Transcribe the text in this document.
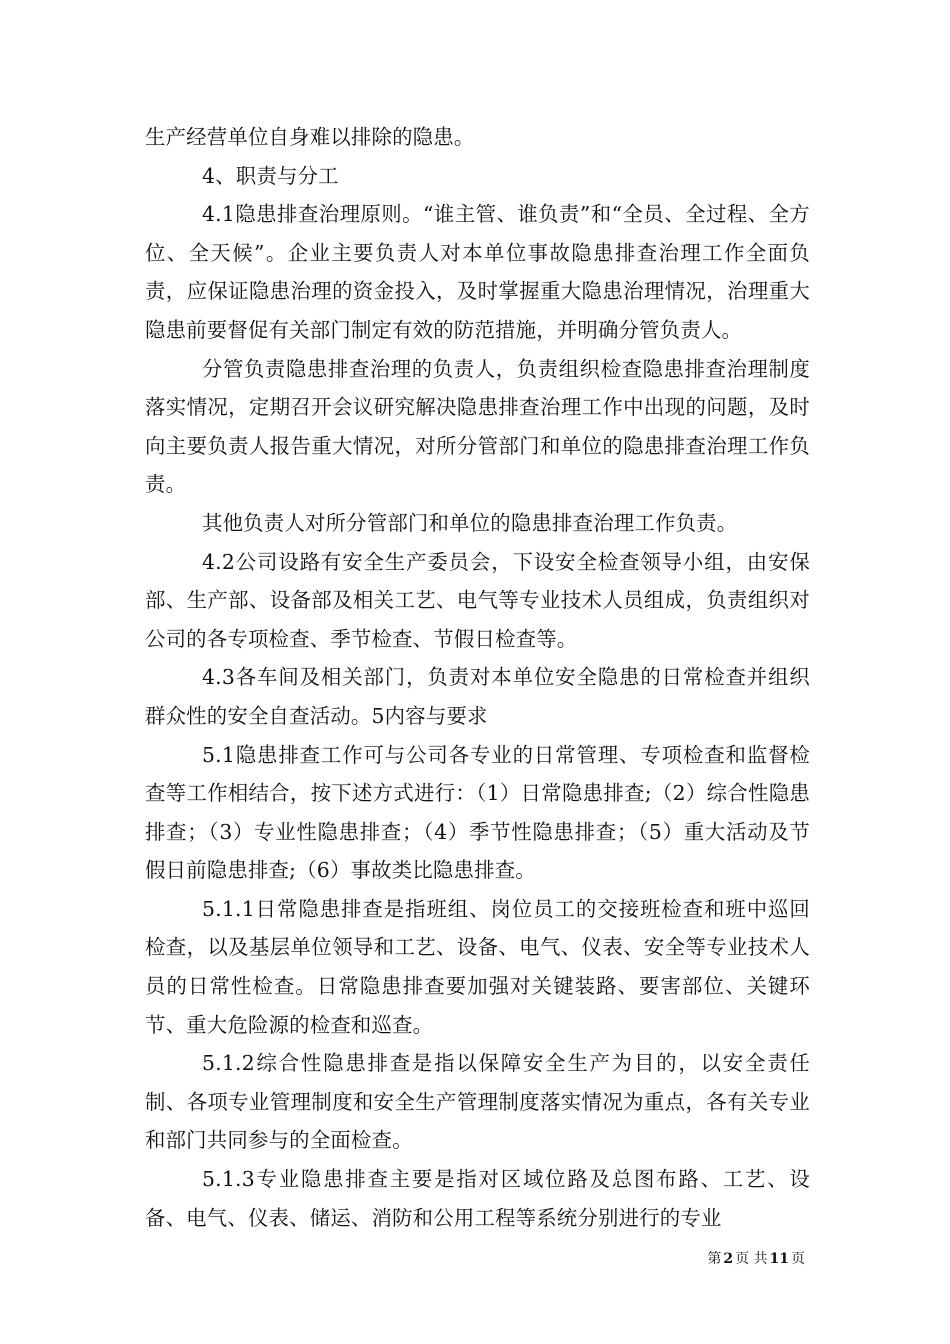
生产经营单位自身难以排除的隐患。

4、职责与分工

4.1隐患排查治理原则。“谁主管、谁负责”和“全员、全过程、全方位、全天候”。企业主要负责人对本单位事故隐患排查治理工作全面负责，应保证隐患治理的资金投入，及时掌握重大隐患治理情况，治理重大隐患前要督促有关部门制定有效的防范措施，并明确分管负责人。

分管负责隐患排查治理的负责人，负责组织检查隐患排查治理制度落实情况，定期召开会议研究解决隐患排查治理工作中出现的问题，及时向主要负责人报告重大情况，对所分管部门和单位的隐患排查治理工作负责。

其他负责人对所分管部门和单位的隐患排查治理工作负责。

4.2公司设路有安全生产委员会，下设安全检查领导小组，由安保部、生产部、设备部及相关工艺、电气等专业技术人员组成，负责组织对公司的各专项检查、季节检查、节假日检查等。

4.3各车间及相关部门，负责对本单位安全隐患的日常检查并组织群众性的安全自查活动。5内容与要求

5.1隐患排查工作可与公司各专业的日常管理、专项检查和监督检查等工作相结合，按下述方式进行：（1）日常隐患排查;（2）综合性隐患排查；（3）专业性隐患排查；（4）季节性隐患排查；（5）重大活动及节假日前隐患排查;（6）事故类比隐患排查。

5.1.1日常隐患排查是指班组、岗位员工的交接班检查和班中巡回检查，以及基层单位领导和工艺、设备、电气、仪表、安全等专业技术人员的日常性检查。日常隐患排查要加强对关键装路、要害部位、关键环节、重大危险源的检查和巡查。

5.1.2综合性隐患排查是指以保障安全生产为目的，以安全责任制、各项专业管理制度和安全生产管理制度落实情况为重点，各有关专业和部门共同参与的全面检查。

5.1.3专业隐患排查主要是指对区域位路及总图布路、工艺、设备、电气、仪表、储运、消防和公用工程等系统分别进行的专业

第 2 页 共 11 页
